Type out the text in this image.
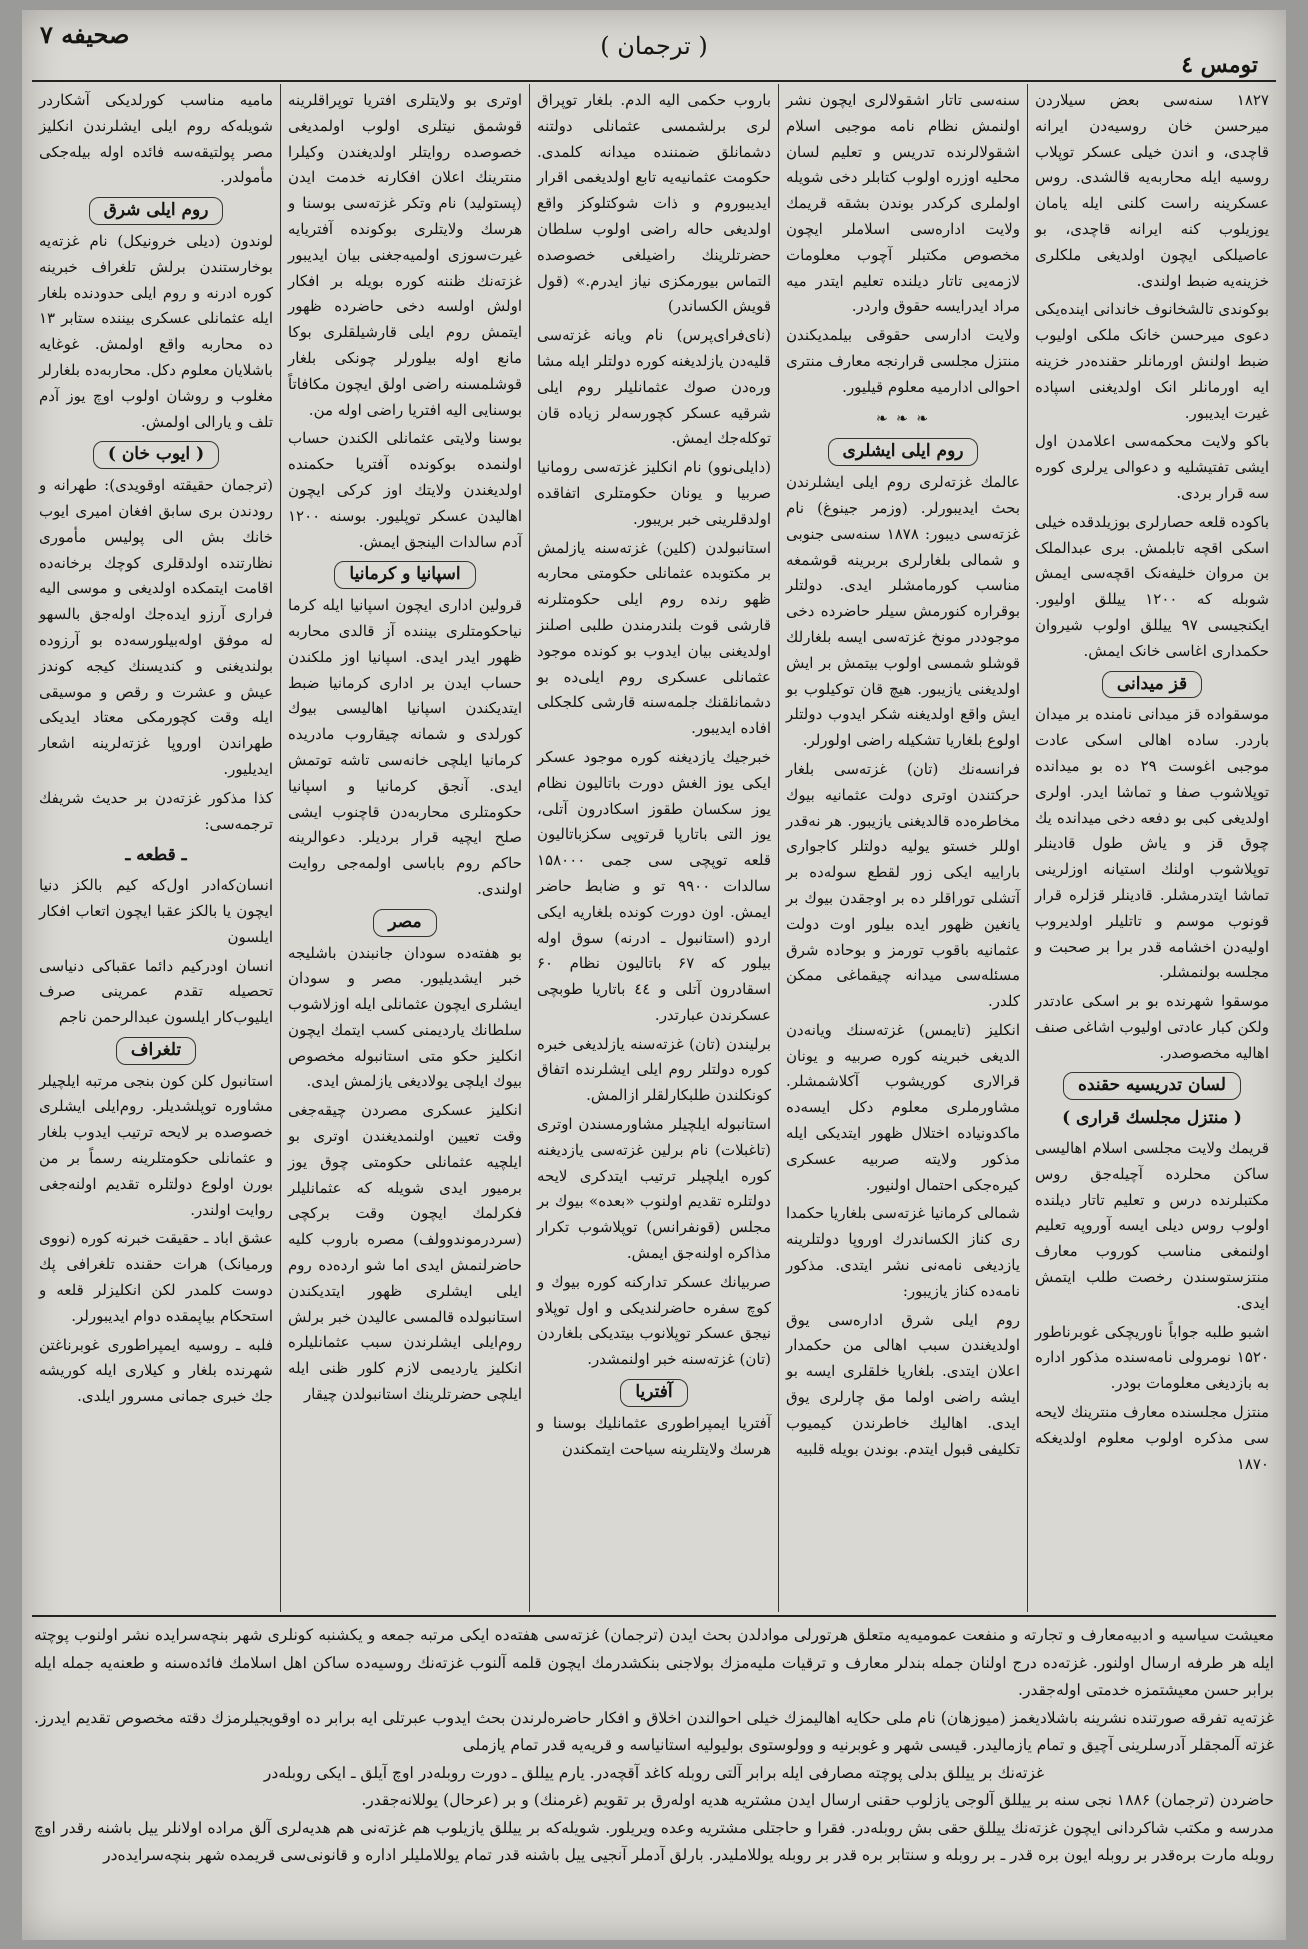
تومس ٤
( ترجمان )
صحیفه ۷

۱۸۲۷ سنه‌سی بعض سیلاردن میرحسن خان روسیه‌دن ایرانه قاچدی، و اندن خیلی عسکر توپلاب روسیه ایله محاربه‌یه قالشدی. روس عسکرینه راست کلنی ایله یامان یوزیلوب کنه ایرانه قاچدی، بو عاصیلکی ایچون اولدیغی ملکلری خزینه‌یه ضبط اولندی.

بوکوندی تالشخانوف خاندانی اینده‌یکی دعوی میرحسن خانک ملکی اولیوب ضبط اولنش اورمانلر حقنده‌در خزینه ایه اورمانلر انک اولدیغنی اسپاده غیرت ایدیبور.

باکو ولایت محکمه‌سی اعلامدن اول ایشی تفتیشلیه و دعوالی یرلری کوره سه قرار بردی.

باکوده قلعه حصارلری بوزیلدقده خیلی اسکی اقچه تابلمش. بری عبدالملک بن مروان خلیفه‌نک اقچه‌سی ایمش شوبله که ۱۲۰۰ ییللق اولیور. ایکنجیسی ۹۷ ییللق اولوب شیروان حکمداری اغاسی خانک ایمش.

قز میدانی

موسقواده قز میدانی نامنده بر میدان باردر. ساده اهالی اسکی عادت موجبی اغوست ۲۹ ده بو میدانده توپلاشوب صفا و تماشا ایدر. اولری اولدیغی کبی بو دفعه دخی میدانده یك چوق قز و یاش طول قادینلر توپلاشوب اولنك استیانه اوزلرینی تماشا ایتدرمشلر. قادینلر قزلره قرار قونوب موسم و تاتلیلر اولدیروب اولیه‌دن اخشامه قدر برا بر صحبت و مجلسه بولنمشلر.

موسقوا شهرنده بو بر اسکی عادتدر ولکن کبار عادتی اولیوب اشاغی صنف اهالیه مخصوصدر.

لسان تدریسیه حقنده
( منتزل مجلسك قراری )

قریمك ولایت مجلسی اسلام اهالیسی ساکن محلرده آچیله‌جق روس مکتبلرنده درس و تعلیم تاتار دیلنده اولوب روس دیلی ایسه آوروپه تعلیم اولنمغی مناسب کوروب معارف منتزستوسندن رخصت طلب ایتمش ایدی.

اشبو طلبه جواباً ناوریچکی غوبرناطور ۱۵۲۰ نومرولی نامه‌سنده مذکور اداره به بازدیغی معلومات بودر.

منتزل مجلسنده معارف منترینك لایحه سی مذکره اولوب معلوم اولدیغکه ۱۸۷۰

سنه‌سی تاتار اشقولالری ایچون نشر اولنمش نظام نامه موجبی اسلام اشقولالرنده تدریس و تعلیم لسان محلیه اوزره اولوب کتابلر دخی شویله اولملری کرکدر بوندن بشقه قریمك ولایت اداره‌سی اسلاملر ایچون مخصوص مکتبلر آچوب معلومات لازمه‌یی تاتار دیلنده تعلیم ایتدر میه مراد ایدرایسه حقوق واردر.

ولایت ادارسی حقوقی بیلمدیکندن منتزل مجلسی قرارنجه معارف منتری احوالی ادارمیه معلوم قیلیور.

❧ ❧ ❧
روم ایلی ایشلری

عالمك غزته‌لری روم ایلی ایشلرندن بحث ایدیبورلر. (وزمر جینوغ) نام غزته‌سی دیبور: ۱۸۷۸ سنه‌سی جنوبی و شمالی بلغارلری بربرینه قوشمغه مناسب کورمامشلر ایدی. دولتلر بوقراره کنورمش سیلر حاضرده دخی موجوددر مونخ غزته‌سی ایسه بلغارلك قوشلو شمسی اولوب بیتمش بر ایش اولدیغنی یازیبور. هیچ قان توکیلوب بو ایش واقع اولدیغنه شکر ایدوب دولتلر اولوع بلغاریا تشکیله راضی اولورلر.

فرانسه‌نك (تان) غزته‌سی بلغار حرکتندن اوتری دولت عثمانیه بیوك مخاطره‌ده قالدیغنی یازیبور. هر نه‌قدر اوللر خستو یولیه دولتلر کاجواری باراییه ایکی زور لقطع سوله‌ده بر آتشلی توراقلر ده بر اوجقدن بیوك بر یانغین ظهور ایده بیلور اوت دولت عثمانیه باقوب تورمز و بوحاده شرق مسئله‌سی میدانه چیقماغی ممکن کلدر.

انکلیز (تایمس) غزته‌سنك ویانه‌دن الدیغی خبرینه کوره صربیه و یونان قرالاری کوریشوب آکلاشمشلر. مشاورملری معلوم دکل ایسه‌ده ماکدونیاده اختلال ظهور ایتدیکی ایله مذکور ولایته صربیه عسکری کیره‌جکی احتمال اولنیور.

شمالی کرمانیا غزته‌سی بلغاریا حکمدا ری کناز الکساندرك اوروپا دولتلرینه یازدیغی نامه‌نی نشر ایتدی. مذکور نامه‌ده کناز یازیبور:

روم ایلی شرق اداره‌سی یوق اولدیغندن سبب اهالی من حکمدار اعلان ایتدی. بلغاریا خلقلری ایسه بو ایشه راضی اولما مق چارلری یوق ایدی. اهالیك خاطرندن کیمیوب تکلیفی قبول ایتدم. بوندن بویله قلبیه

باروب حکمی الیه الدم. بلغار توپراق لری برلشمسی عثمانلی دولتنه دشمانلق ضمننده میدانه کلمدی. حکومت عثمانیه‌یه تابع اولدیغمی اقرار ایدیبوروم و ذات شوکتلوکز واقع اولدیغی حاله راضی اولوب سلطان حضرتلرینك راضیلغی خصوصده التماس بیورمکزی نیاز ایدرم.» (قول قویش الکساندر)

(نای‌فرای‌پرس) نام ویانه غزته‌سی قلیه‌دن یازلدیغنه کوره دولتلر ایله مشا وره‌دن صوك عثمانلیلر روم ایلی شرقیه عسکر کچورسه‌لر زیاده قان توکله‌جك ایمش.

(دایلی‌نوو) نام انکلیز غزته‌سی رومانیا صربیا و یونان حکومتلری اتفاقده اولدقلرینی خبر بریبور.

استانبولدن (کلین) غزته‌سنه یازلمش بر مکتوبده عثمانلی حکومتی محاربه ظهو رنده روم ایلی حکومتلرنه قارشی قوت بلندرمندن طلبی اصلنز اولدیغنی بیان ایدوب بو کونده موجود عثمانلی عسکری روم ایلی‌ده بو دشمانلقنك جلمه‌سنه قارشی کلجکلی افاده ایدیبور.

خبرجیك یازدیغنه کوره موجود عسکر ایکی یوز الغش دورت باتالیون نظام یوز سکسان طقوز اسکادرون آتلی، یوز التی باتارپا قرتوپی سکزباتالیون قلعه توپچی سی جمی ۱۵۸۰۰۰ سالدات ۹۹۰۰ تو و ضابط حاضر ایمش. اون دورت کونده بلغاریه ایکی اردو (استانبول ـ ادرنه) سوق اوله بیلور که ۶۷ باتالیون نظام ۶۰ اسقادرون آتلی و ٤٤ باتاریا طوبچی عسکرندن عبارتدر.

برلیندن (تان) غزته‌سنه یازلدیغی خبره کوره دولتلر روم ایلی ایشلرنده اتفاق کونکلندن طلبکارلقلر ازالمش.

استانبوله ایلچیلر مشاورمسندن اوتری (تاغبلات) نام برلین غزته‌سی یازدیغنه کوره ایلچیلر ترتیب ایتدکری لایحه دولتلره تقدیم اولنوب «بعده» بیوك بر مجلس (قونفرانس) توپلاشوب تکرار مذاکره اولنه‌جق ایمش.

صربیانك عسکر تدارکنه کوره بیوك و کوچ سفره حاضرلندیکی و اول توپلاو نیجق عسکر توپلانوب بیتدیکی بلغاردن (تان) غزته‌سنه خبر اولنمشدر.

آفتریا

آفتریا ایمپراطوری عثمانلیك بوسنا و هرسك ولایتلرینه سیاحت ایتمکندن

اوتری بو ولایتلری افتریا توپراقلرینه قوشمق نیتلری اولوب اولمدیغی خصوصده روایتلر اولدیغندن وکیلرا منترینك اعلان افکارنه خدمت ایدن (پستولید) نام وتکر غزته‌سی بوسنا و هرسك ولایتلری بوکونده آفتریایه غیرت‌سوزی اولمیه‌جغنی بیان ایدیبور غزته‌نك ظننه کوره بویله بر افکار اولش اولسه دخی حاضرده ظهور ایتمش روم ایلی قارشیلقلری بوکا مانع اوله بیلورلر چونکی بلغار قوشلمسنه راضی اولق ایچون مکافاتاً بوسنایی الیه افتریا راضی اوله من.

بوسنا ولایتی عثمانلی الکندن حساب اولنمده بوکونده آفتریا حکمنده اولدیغندن ولایتك اوز کرکی ایچون اهالیدن عسکر توپلیور. بوسنه ۱۲۰۰ آدم سالدات الینجق ایمش.

اسپانیا و کرمانیا

قرولین اداری ایچون اسپانیا ایله کرما نیاحکومتلری بیننده آز قالدی محاربه ظهور ایدر ایدی. اسپانیا اوز ملکندن حساب ایدن بر اداری کرمانیا ضبط ایتدیکندن اسپانیا اهالیسی بیوك کورلدی و شمانه چیقاروب مادریده کرمانیا ایلچی خانه‌سی تاشه توتمش ایدی. آنجق کرمانیا و اسپانیا حکومتلری محاربه‌دن قاچنوب ایشی صلح ایچیه قرار بردیلر. دعوالرینه حاکم روم باباسی اولمه‌جی روایت اولندی.

مصر

بو هفته‌ده سودان جانبندن باشلیجه خبر ایشدیلیور. مصر و سودان ایشلری ایچون عثمانلی ایله اوزلاشوب سلطانك یاردیمنی کسب ایتمك ایچون انکلیز حکو متی استانبوله مخصوص بیوك ایلچی یولادیغی یازلمش ایدی.

انکلیز عسکری مصردن چیقه‌جغی وقت تعیین اولنمدیغندن اوتری بو ایلچیه عثمانلی حکومتی چوق یوز برمیور ایدی شویله که عثمانلیلر فکرلمك ایچون وقت برکچی (سردرموندوولف) مصره باروب کلیه حاضرلنمش ایدی اما شو ارده‌ده روم ایلی ایشلری ظهور ایتدیکندن استانبولده قالمسی عالیدن خبر برلش روم‌ایلی ایشلرندن سبب عثمانلیلره انکلیز یاردیمی لازم کلور ظنی ایله ایلچی حضرتلرینك استانبولدن چیقار

مامیه مناسب کورلدیکی آشکاردر شویله‌که روم ایلی ایشلرندن انکلیز مصر پولتیقه‌سه فائده اوله بیله‌جکی مأمولدر.

روم ایلی شرق

لوندون (دیلی خرونیکل) نام غزته‌یه بوخارستندن برلش تلغراف خبرینه کوره ادرنه و روم ایلی حدودنده بلغار ایله عثمانلی عسکری بیننده ستابر ۱۳ ده محاربه واقع اولمش. غوغایه باشلایان معلوم دکل. محاربه‌ده بلغارلر مغلوب و روشان اولوب اوچ یوز آدم تلف و یارالی اولمش.

( ایوب خان )

(ترجمان حقیقته اوقویدی): طهرانه و رودندن بری سابق افغان امیری ایوب خانك بش الی پولیس مأموری نظارتنده اولدقلری کوچك برخانه‌ده اقامت ایتمکده اولدیغی و موسی الیه فراری آرزو ایده‌جك اوله‌جق بالسهو له موفق اوله‌بیلورسه‌ده بو آرزوده بولندیغنی و کندیسنك کیجه کوندز عیش و عشرت و رقص و موسیقی ایله وقت کچورمکی معتاد ایدیکی طهراندن اوروپا غزته‌لرینه اشعار ایدیلیور.

کذا مذکور غزته‌دن بر حدیث شریفك ترجمه‌سی:

ـ قطعه ـ

انسان‌که‌ادر اول‌که کیم بالکز دنیا ایچون یا بالکز عقبا ایچون اتعاب افکار ایلسون

انسان اودرکیم دائما عقبا‌کی دنیاسی تحصیله تقدم عمرینی صرف ایلیوب‌کار ایلسون عبدالرحمن ناجم

تلغراف

استانبول کلن کون بنجی مرتبه ایلچیلر مشاوره توپلشدیلر. روم‌ایلی ایشلری خصوصده بر لایحه ترتیب ایدوب بلغار و عثمانلی حکومتلرینه رسماً بر من بورن اولوع دولتلره تقدیم اولنه‌جغی روایت اولندر.

عشق اباد ـ حقیقت خبرنه کوره (نووی ورمیانک) هرات حقنده تلغرافی پك دوست کلمدر لکن انکلیزلر قلعه و استحکام بیاپمقده دوام ایدیبورلر.

فلبه ـ روسیه ایمپراطوری غوبرناغتن شهرنده بلغار و کیلاری ایله کوریشه جك خبری جمانی مسرور ایلدی.

معیشت سیاسیه و ادبیه‌معارف و تجارته و منفعت عمومیه‌یه متعلق هرتورلی موادلدن بحث ایدن (ترجمان) غزته‌سی هفته‌ده ایکی مرتبه جمعه و یکشنبه کونلری شهر بنچه‌سرایده نشر اولنوب پوچته ایله هر طرفه ارسال اولنور. غزته‌ده درج اولنان جمله بندلر معارف و ترقیات ملیه‌مزك بولاجنی بنکشدرمك ایچون قلمه آلنوب غزته‌نك روسیه‌ده ساکن اهل اسلامك فائده‌سنه و طعنه‌یه جمله ایله برابر حسن معیشتمزه خدمتی اوله‌جقدر.

غزته‌یه تفرقه صورتنده نشرینه باشلادیغمز (میوزهان) نام ملی حکایه اهالیمزك خیلی احوالندن اخلاق و افکار حاضره‌لرندن بحث ایدوب عبرتلی ایه برابر ده اوقویجیلرمزك دقته مخصوص تقدیم ایدرز. غزته آلمجقلر آدرسلرینی آچیق و تمام یازمالیدر. قیسی شهر و غوبرنیه و وولوستوی بولیولیه استانیاسه و قریه‌یه قدر تمام یازملی

غزته‌نك بر ییللق بدلی پوچته مصارفی ایله برابر آلتی روبله کاغد آقچه‌در. یارم ییللق ـ دورت روبله‌در اوچ آیلق ـ ایکی روبله‌در

حاضردن (ترجمان) ۱۸۸۶ نجی سنه بر ییللق آلوجی یازلوب حقنی ارسال ایدن مشتریه هدیه اوله‌رق بر تقویم (غرمنك) و بر (عرحال) یوللانه‌جقدر.

مدرسه و مکتب شاکردانی ایچون غزته‌نك ییللق حقی بش روبله‌در. فقرا و حاجتلی مشتریه وعده ویریلور. شویله‌که بر ییللق یازیلوب هم غزته‌نی هم هدیه‌لری آلق مراده اولانلر ییل باشنه رقدر اوچ روبله مارت بره‌قدر بر روبله ایون بره قدر ـ بر روبله و سنتابر بره قدر بر روبله یوللاملیدر. بارلق آدملر آنجیی ییل باشنه قدر تمام یوللاملیلر اداره و قانونی‌سی قریمده شهر بنچه‌سرایده‌در
